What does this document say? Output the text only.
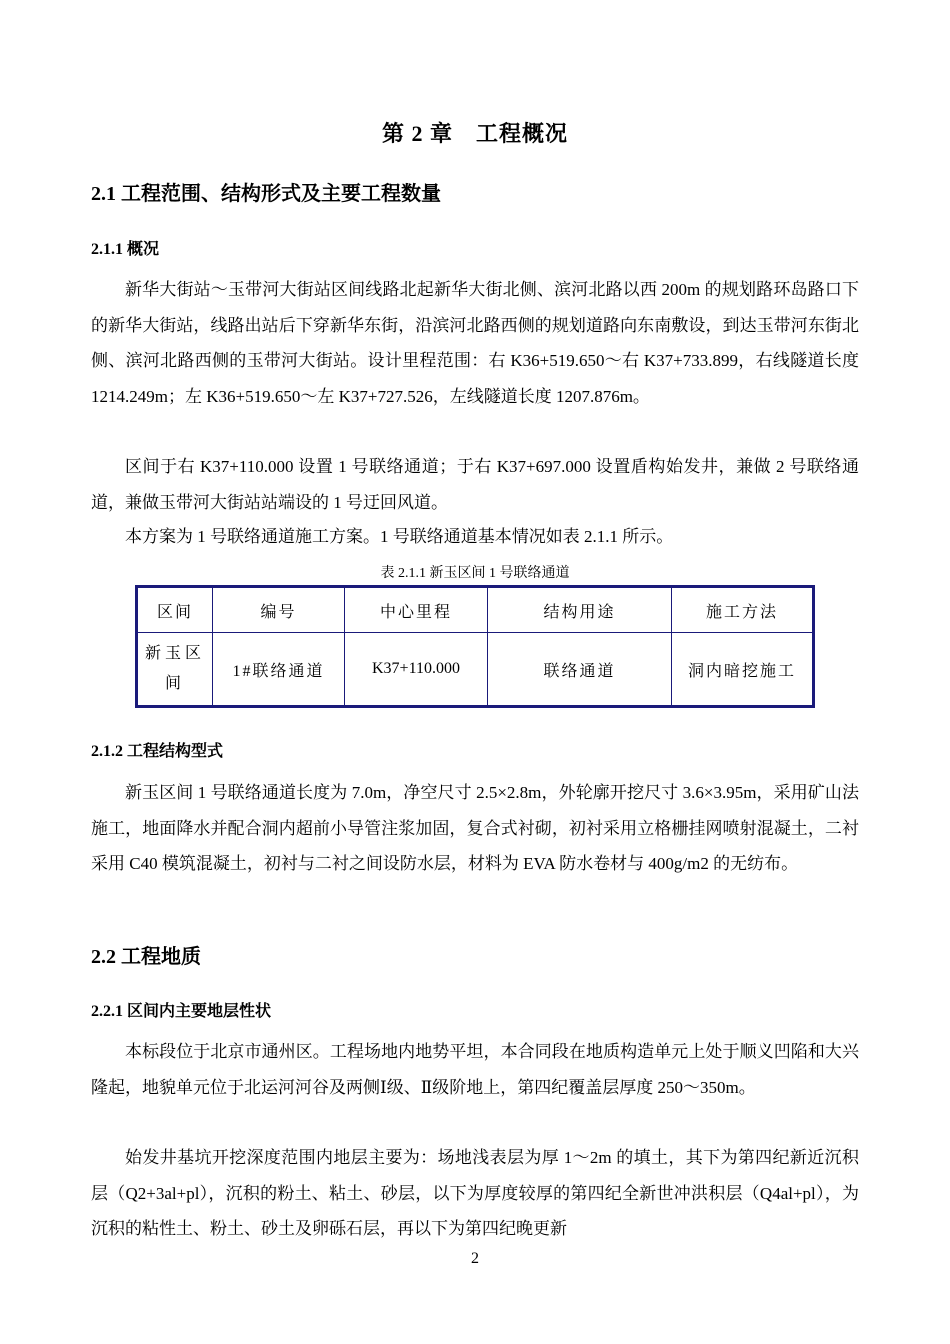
第 2 章　工程概况
2.1 工程范围、结构形式及主要工程数量
2.1.1 概况

新华大街站～玉带河大街站区间线路北起新华大街北侧、滨河北路以西 200m 的规划路环岛路口下的新华大街站，线路出站后下穿新华东街，沿滨河北路西侧的规划道路向东南敷设，到达玉带河东街北侧、滨河北路西侧的玉带河大街站。设计里程范围：右 K36+519.650～右 K37+733.899，右线隧道长度 1214.249m；左 K36+519.650～左 K37+727.526，左线隧道长度 1207.876m。

区间于右 K37+110.000 设置 1 号联络通道；于右 K37+697.000 设置盾构始发井，兼做 2 号联络通道，兼做玉带河大街站站端设的 1 号迂回风道。

本方案为 1 号联络通道施工方案。1 号联络通道基本情况如表 2.1.1 所示。

表 2.1.1 新玉区间 1 号联络通道
区间	编号	中心里程	结构用途	施工方法
新玉区间	1#联络通道	K37+110.000	联络通道	洞内暗挖施工
2.1.2 工程结构型式

新玉区间 1 号联络通道长度为 7.0m，净空尺寸 2.5×2.8m，外轮廓开挖尺寸 3.6×3.95m，采用矿山法施工，地面降水并配合洞内超前小导管注浆加固，复合式衬砌，初衬采用立格栅挂网喷射混凝土，二衬采用 C40 模筑混凝土，初衬与二衬之间设防水层，材料为 EVA 防水卷材与 400g/m2 的无纺布。

2.2 工程地质
2.2.1 区间内主要地层性状

本标段位于北京市通州区。工程场地内地势平坦，本合同段在地质构造单元上处于顺义凹陷和大兴隆起，地貌单元位于北运河河谷及两侧Ⅰ级、Ⅱ级阶地上，第四纪覆盖层厚度 250～350m。

始发井基坑开挖深度范围内地层主要为：场地浅表层为厚 1～2m 的填土，其下为第四纪新近沉积层（Q2+3al+pl），沉积的粉土、粘土、砂层，以下为厚度较厚的第四纪全新世冲洪积层（Q4al+pl），为沉积的粘性土、粉土、砂土及卵砾石层，再以下为第四纪晚更新

2
